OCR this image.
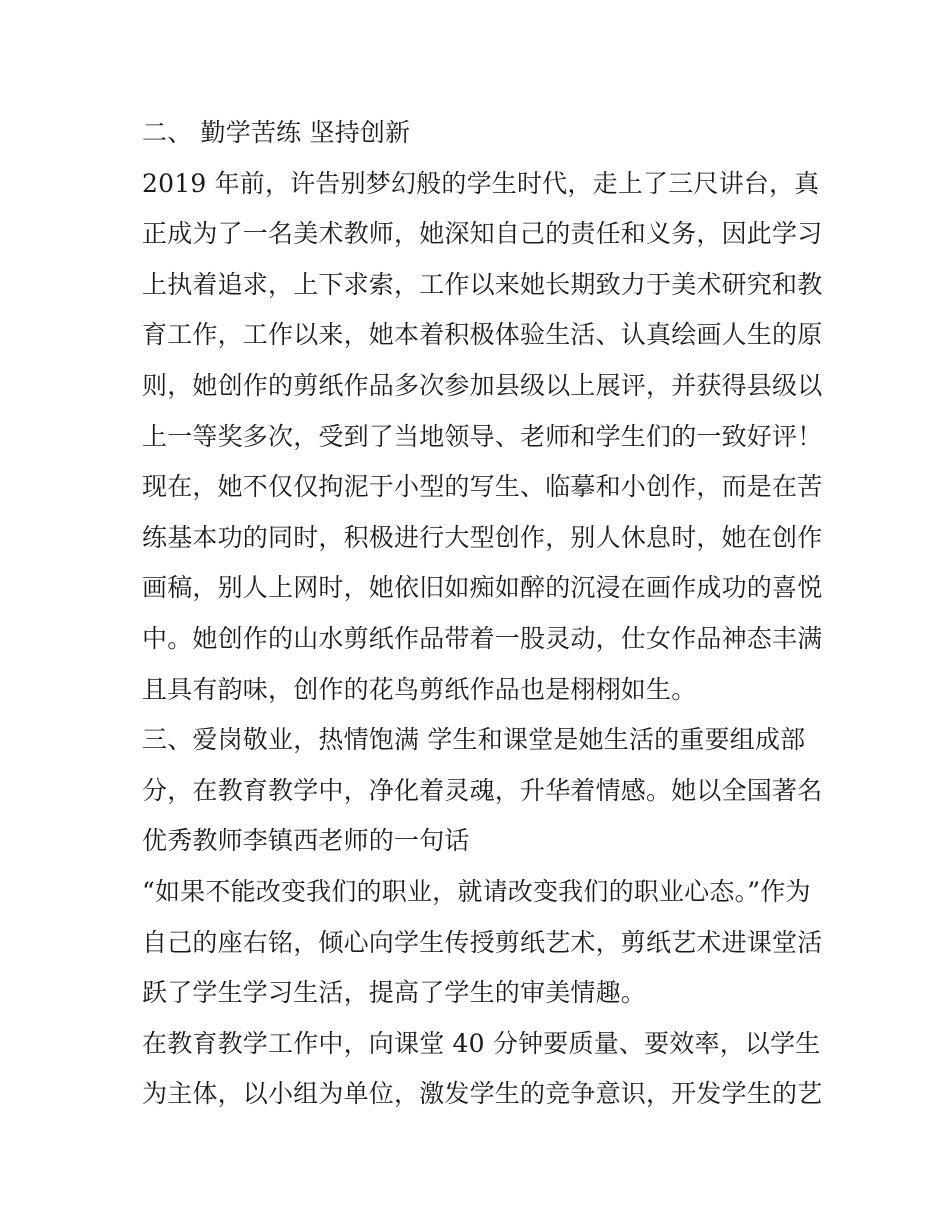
二、 勤学苦练 坚持创新
2019 年前，许告别梦幻般的学生时代，走上了三尺讲台，真
正成为了一名美术教师，她深知自己的责任和义务，因此学习
上执着追求，上下求索，工作以来她长期致力于美术研究和教
育工作，工作以来，她本着积极体验生活、认真绘画人生的原
则，她创作的剪纸作品多次参加县级以上展评，并获得县级以
上一等奖多次，受到了当地领导、老师和学生们的一致好评！
现在，她不仅仅拘泥于小型的写生、临摹和小创作，而是在苦
练基本功的同时，积极进行大型创作，别人休息时，她在创作
画稿，别人上网时，她依旧如痴如醉的沉浸在画作成功的喜悦
中。她创作的山水剪纸作品带着一股灵动，仕女作品神态丰满
且具有韵味，创作的花鸟剪纸作品也是栩栩如生。
三、爱岗敬业，热情饱满 学生和课堂是她生活的重要组成部
分，在教育教学中，净化着灵魂，升华着情感。她以全国著名
优秀教师李镇西老师的一句话
“如果不能改变我们的职业，就请改变我们的职业心态。”作为
自己的座右铭，倾心向学生传授剪纸艺术，剪纸艺术进课堂活
跃了学生学习生活，提高了学生的审美情趣。
在教育教学工作中，向课堂 40 分钟要质量、要效率，以学生
为主体，以小组为单位，激发学生的竞争意识，开发学生的艺
